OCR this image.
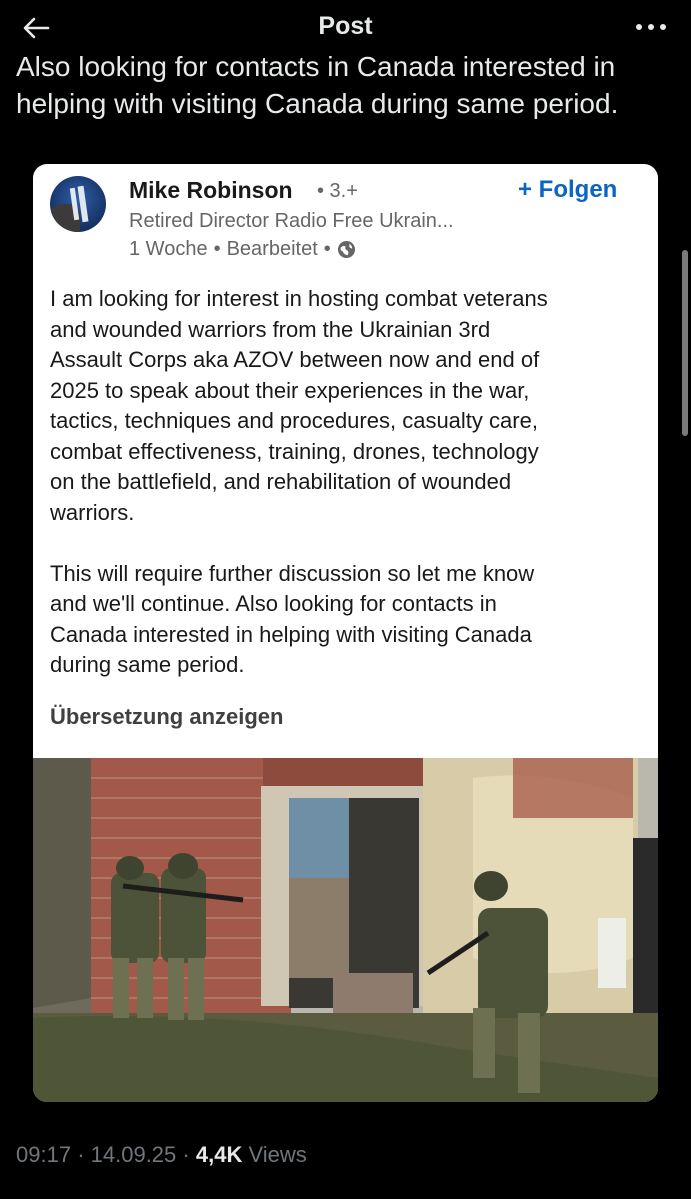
Post

Also looking for contacts in Canada interested in
helping with visiting Canada during same period.

Mike Robinson • 3.+	+ Folgen
Retired Director Radio Free Ukrain...
1 Woche • Bearbeitet •

I am looking for interest in hosting combat veterans
and wounded warriors from the Ukrainian 3rd
Assault Corps aka AZOV between now and end of
2025 to speak about their experiences in the war,
tactics, techniques and procedures, casualty care,
combat effectiveness, training, drones, technology
on the battlefield, and rehabilitation of wounded
warriors.

This will require further discussion so let me know
and we'll continue. Also looking for contacts in
Canada interested in helping with visiting Canada
during same period.

Übersetzung anzeigen
09:17 · 14.09.25 · 4,4K Views
